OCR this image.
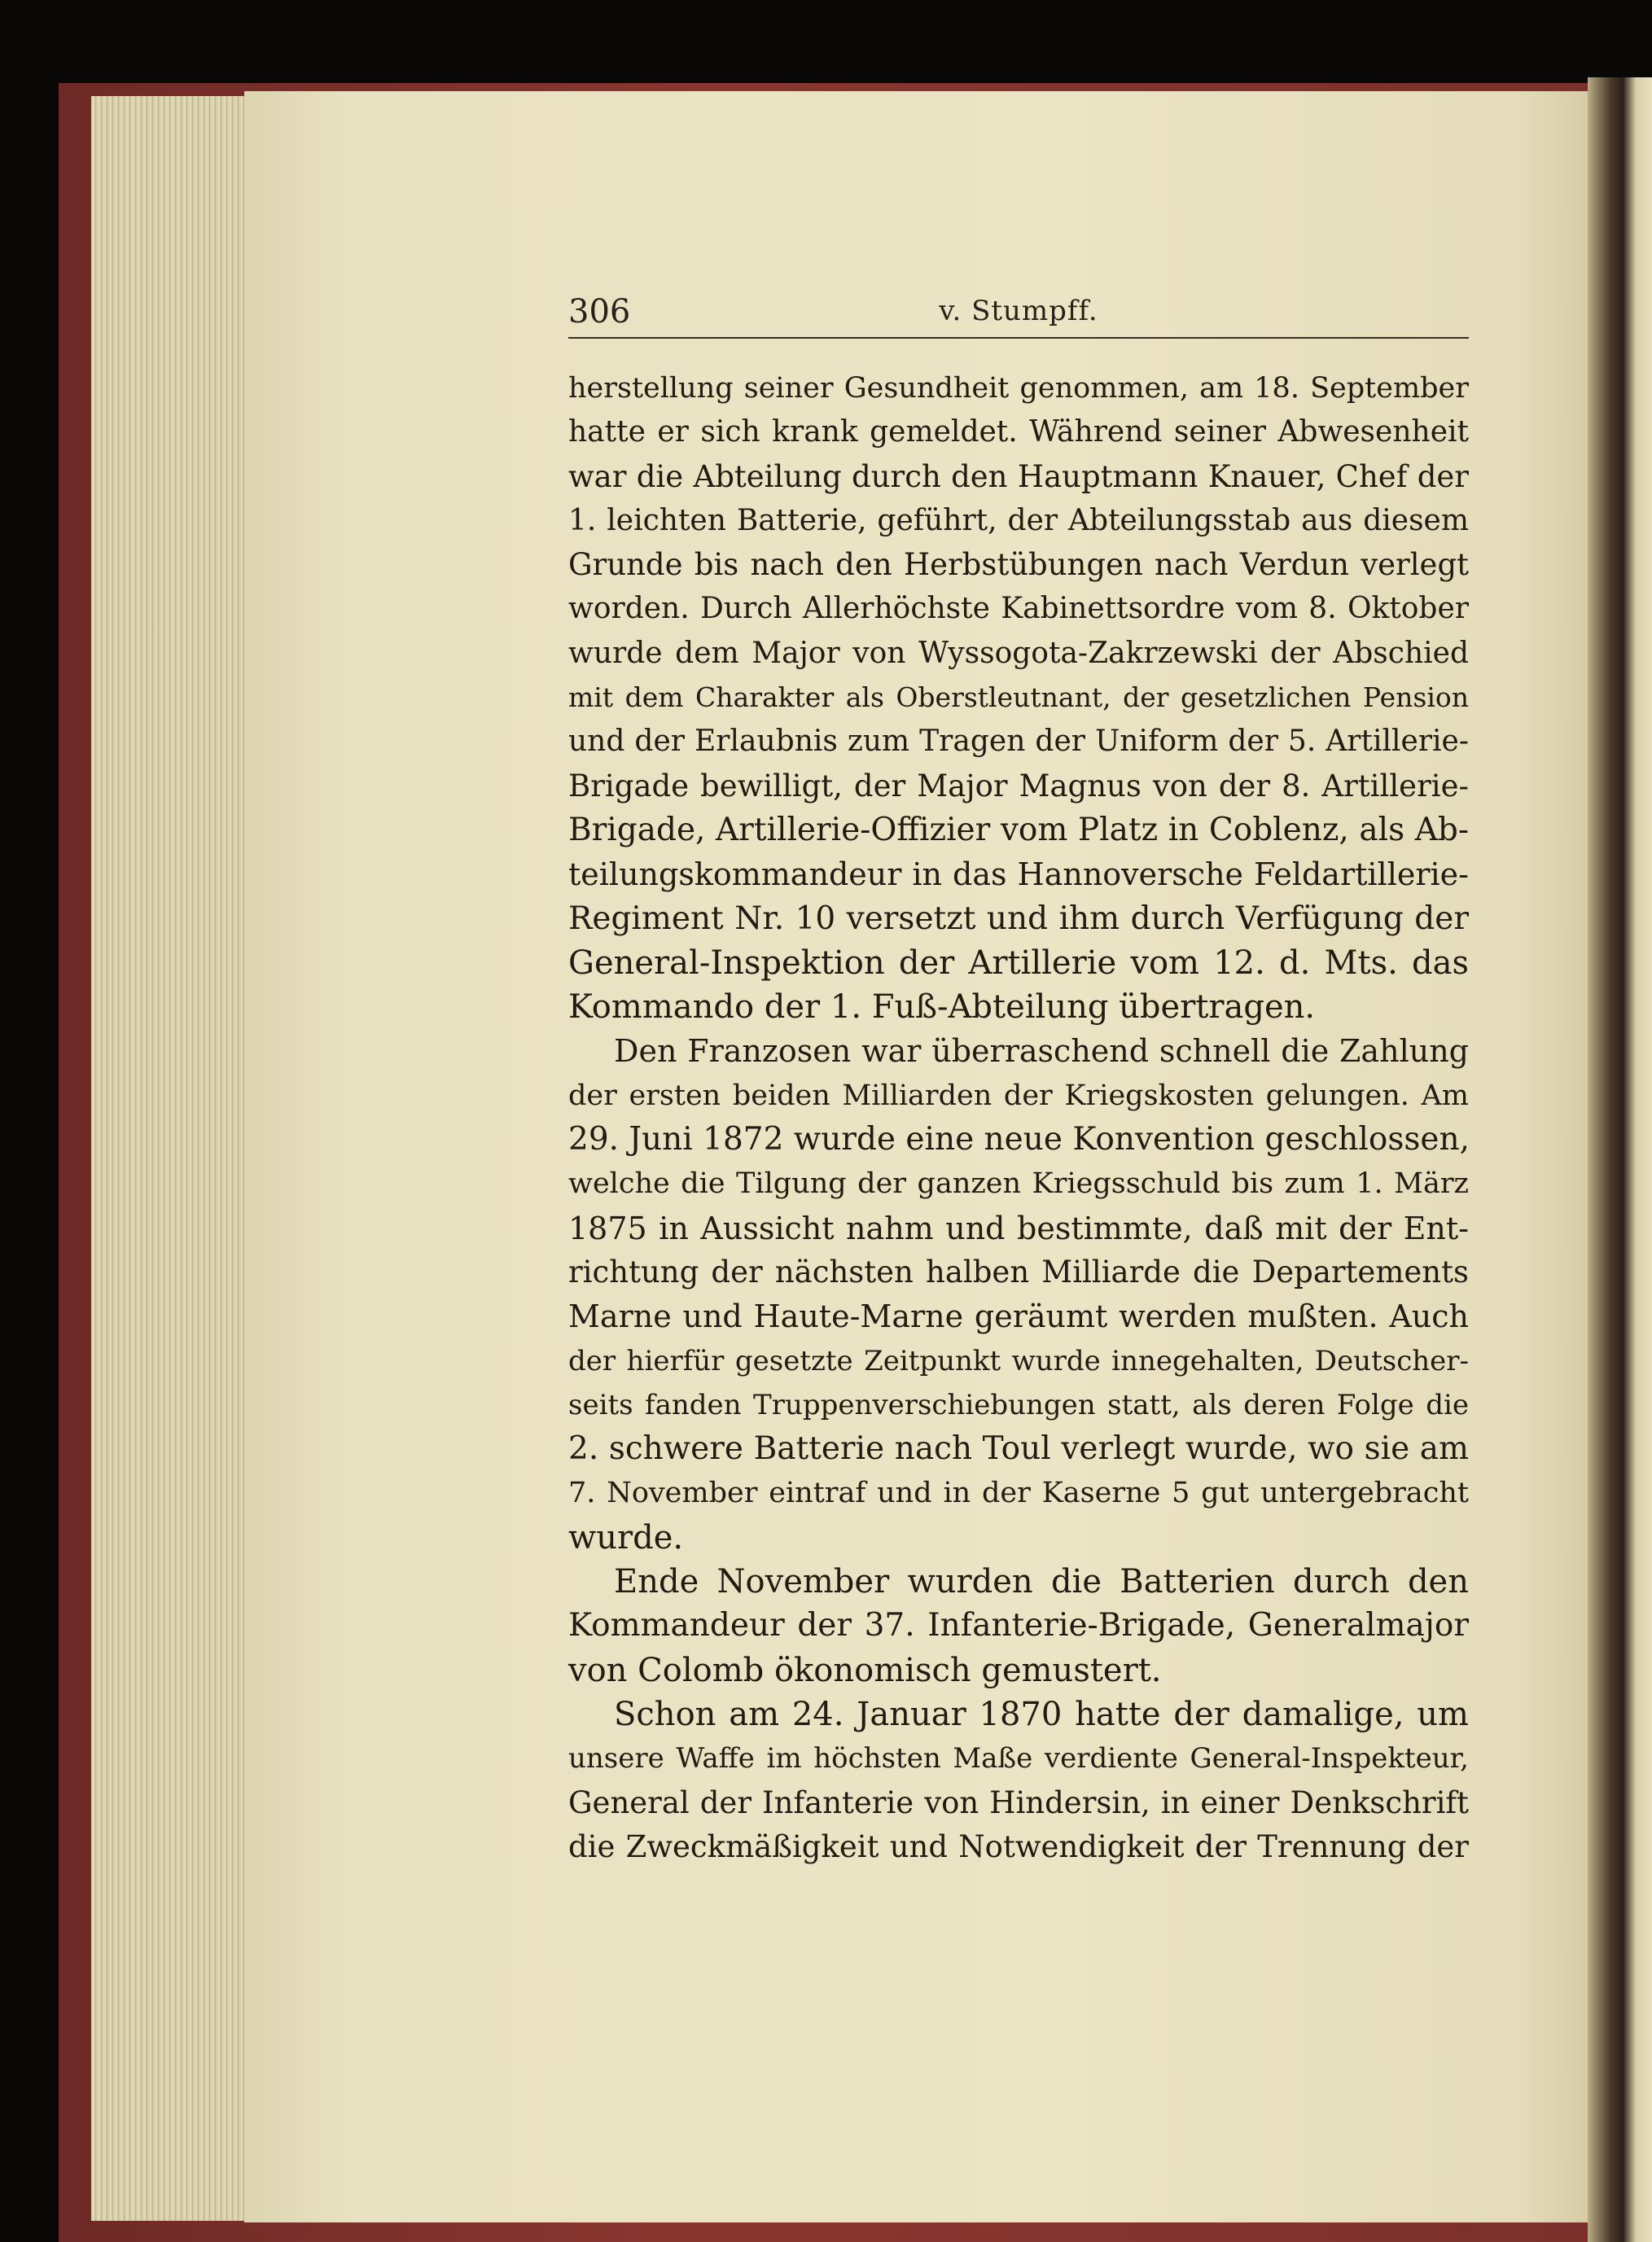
306	v. Stumpff.
herstellung seiner Gesundheit genommen, am 18. September
hatte er sich krank gemeldet. Während seiner Abwesenheit
war die Abteilung durch den Hauptmann Knauer, Chef der
1. leichten Batterie, geführt, der Abteilungsstab aus diesem
Grunde bis nach den Herbstübungen nach Verdun verlegt
worden. Durch Allerhöchste Kabinettsordre vom 8. Oktober
wurde dem Major von Wyssogota-Zakrzewski der Abschied
mit dem Charakter als Oberstleutnant, der gesetzlichen Pension
und der Erlaubnis zum Tragen der Uniform der 5. Artillerie-
Brigade bewilligt, der Major Magnus von der 8. Artillerie-
Brigade, Artillerie-Offizier vom Platz in Coblenz, als Ab-
teilungskommandeur in das Hannoversche Feldartillerie-
Regiment Nr. 10 versetzt und ihm durch Verfügung der
General-Inspektion der Artillerie vom 12. d. Mts. das
Kommando der 1. Fuß-Abteilung übertragen.
Den Franzosen war überraschend schnell die Zahlung
der ersten beiden Milliarden der Kriegskosten gelungen. Am
29. Juni 1872 wurde eine neue Konvention geschlossen,
welche die Tilgung der ganzen Kriegsschuld bis zum 1. März
1875 in Aussicht nahm und bestimmte, daß mit der Ent-
richtung der nächsten halben Milliarde die Departements
Marne und Haute-Marne geräumt werden mußten. Auch
der hierfür gesetzte Zeitpunkt wurde innegehalten, Deutscher-
seits fanden Truppenverschiebungen statt, als deren Folge die
2. schwere Batterie nach Toul verlegt wurde, wo sie am
7. November eintraf und in der Kaserne 5 gut untergebracht
wurde.
Ende November wurden die Batterien durch den
Kommandeur der 37. Infanterie-Brigade, Generalmajor
von Colomb ökonomisch gemustert.
Schon am 24. Januar 1870 hatte der damalige, um
unsere Waffe im höchsten Maße verdiente General-Inspekteur,
General der Infanterie von Hindersin, in einer Denkschrift
die Zweckmäßigkeit und Notwendigkeit der Trennung der
